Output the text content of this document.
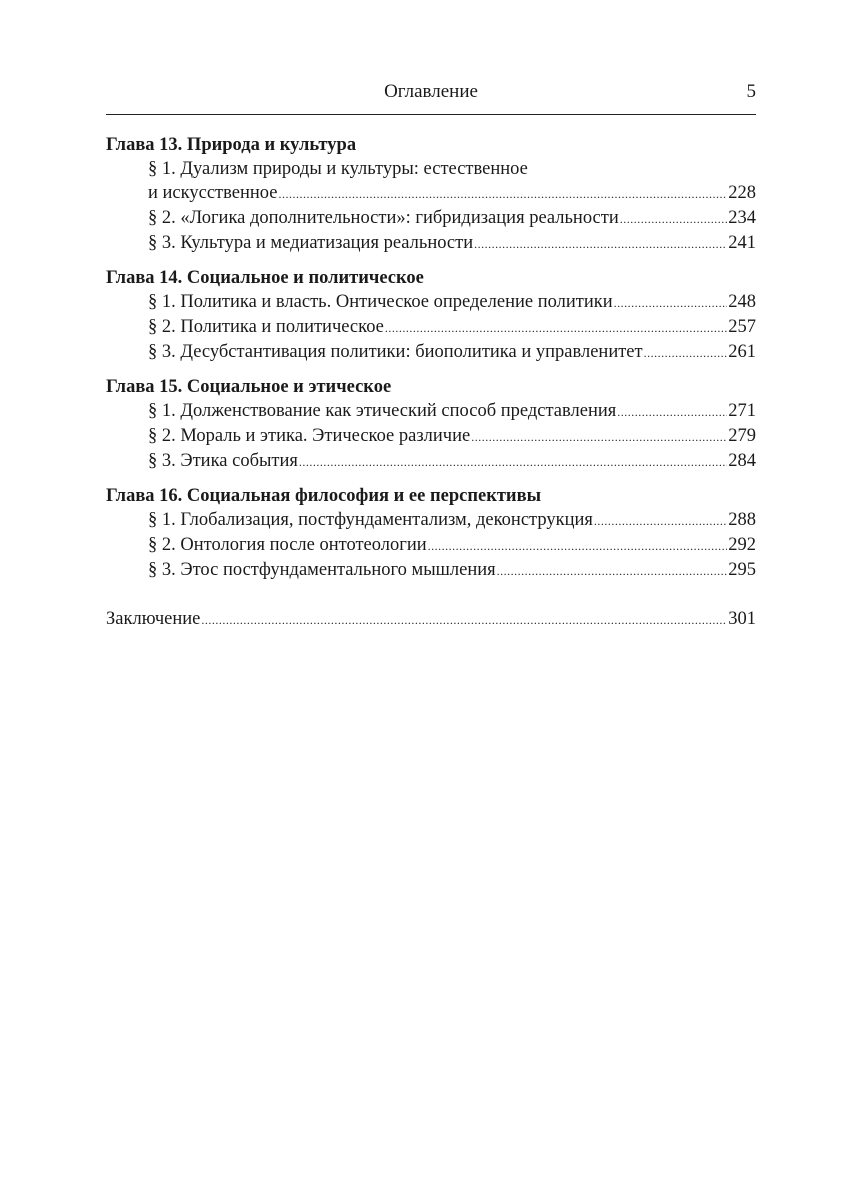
Оглавление	5
Глава 13. Природа и культура
§ 1. Дуализм природы и культуры: естественное
и искусственное .....	228
§ 2. «Логика дополнительности»: гибридизация реальности .....	234
§ 3. Культура и медиатизация реальности .....	241
Глава 14. Социальное и политическое
§ 1. Политика и власть. Онтическое определение политики .....	248
§ 2. Политика и политическое .....	257
§ 3. Десубстантивация политики: биополитика и управленитет .....	261
Глава 15. Социальное и этическое
§ 1. Долженствование как этический способ представления .....	271
§ 2. Мораль и этика. Этическое различие .....	279
§ 3. Этика события .....	284
Глава 16. Социальная философия и ее перспективы
§ 1. Глобализация, постфундаментализм, деконструкция .....	288
§ 2. Онтология после онтотеологии .....	292
§ 3. Этос постфундаментального мышления .....	295
Заключение .....	301
